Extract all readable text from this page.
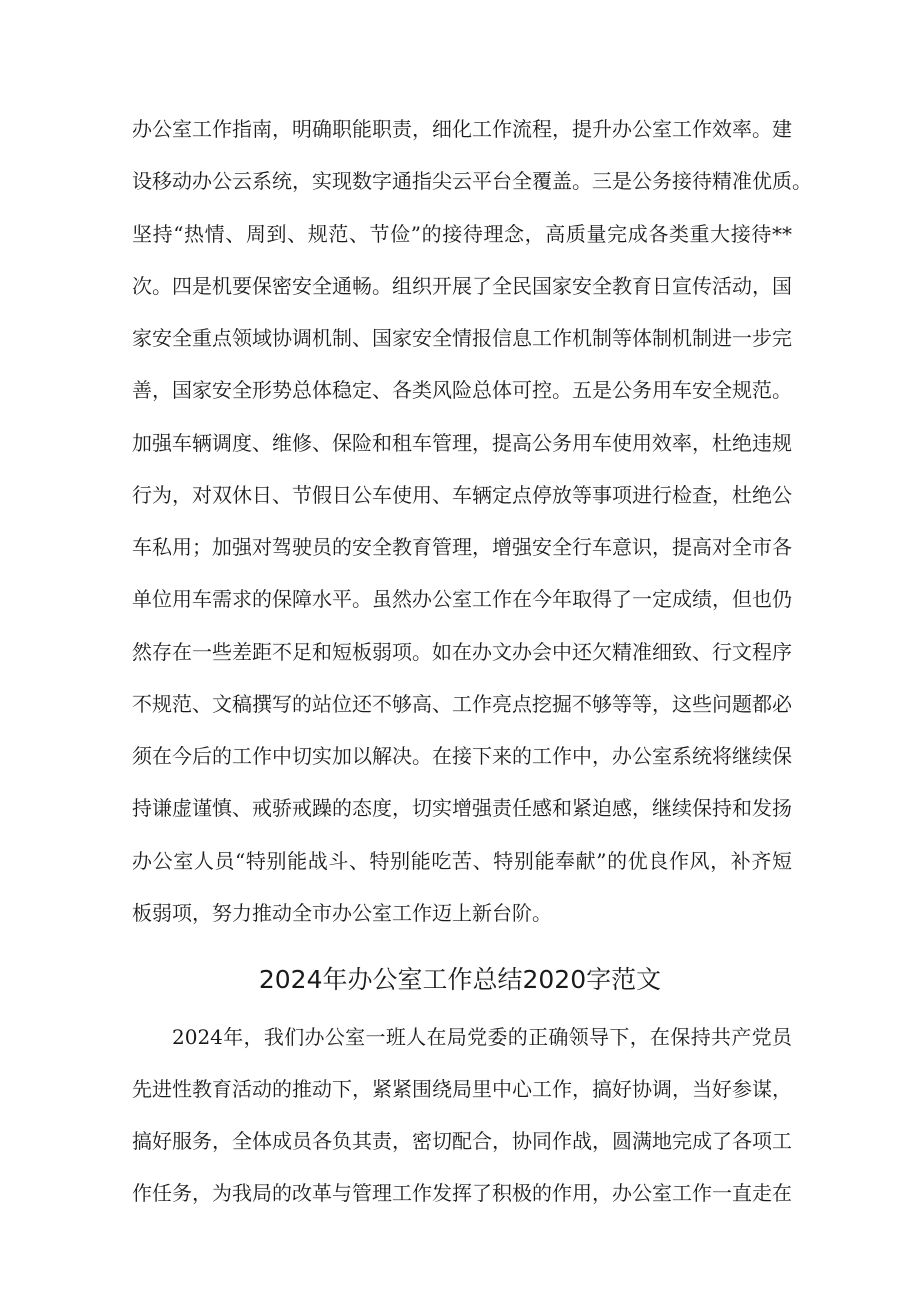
办公室工作指南，明确职能职责，细化工作流程，提升办公室工作效率。建
设移动办公云系统，实现数字通指尖云平台全覆盖。三是公务接待精准优质。
坚持“热情、周到、规范、节俭”的接待理念，高质量完成各类重大接待**
次。四是机要保密安全通畅。组织开展了全民国家安全教育日宣传活动，国
家安全重点领域协调机制、国家安全情报信息工作机制等体制机制进一步完
善，国家安全形势总体稳定、各类风险总体可控。五是公务用车安全规范。
加强车辆调度、维修、保险和租车管理，提高公务用车使用效率，杜绝违规
行为，对双休日、节假日公车使用、车辆定点停放等事项进行检查，杜绝公
车私用；加强对驾驶员的安全教育管理，增强安全行车意识，提高对全市各
单位用车需求的保障水平。虽然办公室工作在今年取得了一定成绩，但也仍
然存在一些差距不足和短板弱项。如在办文办会中还欠精准细致、行文程序
不规范、文稿撰写的站位还不够高、工作亮点挖掘不够等等，这些问题都必
须在今后的工作中切实加以解决。在接下来的工作中，办公室系统将继续保
持谦虚谨慎、戒骄戒躁的态度，切实增强责任感和紧迫感，继续保持和发扬
办公室人员“特别能战斗、特别能吃苦、特别能奉献”的优良作风，补齐短
板弱项，努力推动全市办公室工作迈上新台阶。
2024年办公室工作总结2020字范文
2024年，我们办公室一班人在局党委的正确领导下，在保持共产党员
先进性教育活动的推动下，紧紧围绕局里中心工作，搞好协调，当好参谋，
搞好服务，全体成员各负其责，密切配合，协同作战，圆满地完成了各项工
作任务，为我局的改革与管理工作发挥了积极的作用，办公室工作一直走在
